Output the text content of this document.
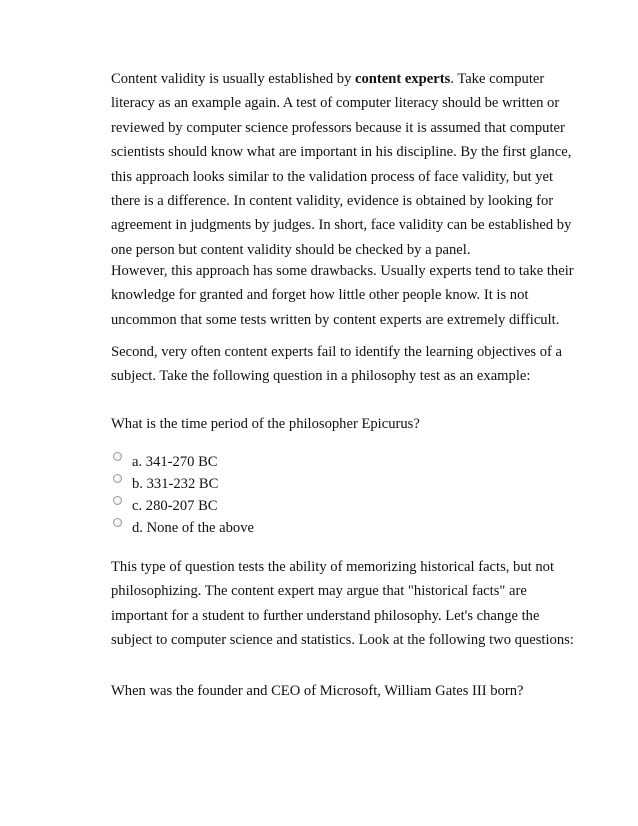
Content validity is usually established by content experts. Take computer
literacy as an example again. A test of computer literacy should be written or
reviewed by computer science professors because it is assumed that computer
scientists should know what are important in his discipline. By the first glance,
this approach looks similar to the validation process of face validity, but yet
there is a difference. In content validity, evidence is obtained by looking for
agreement in judgments by judges. In short, face validity can be established by
one person but content validity should be checked by a panel.

However, this approach has some drawbacks. Usually experts tend to take their
knowledge for granted and forget how little other people know. It is not
uncommon that some tests written by content experts are extremely difficult.

Second, very often content experts fail to identify the learning objectives of a
subject. Take the following question in a philosophy test as an example:

What is the time period of the philosopher Epicurus?

a. 341-270 BC
b. 331-232 BC
c. 280-207 BC
d. None of the above

This type of question tests the ability of memorizing historical facts, but not
philosophizing. The content expert may argue that "historical facts" are
important for a student to further understand philosophy. Let's change the
subject to computer science and statistics. Look at the following two questions:

When was the founder and CEO of Microsoft, William Gates III born?
